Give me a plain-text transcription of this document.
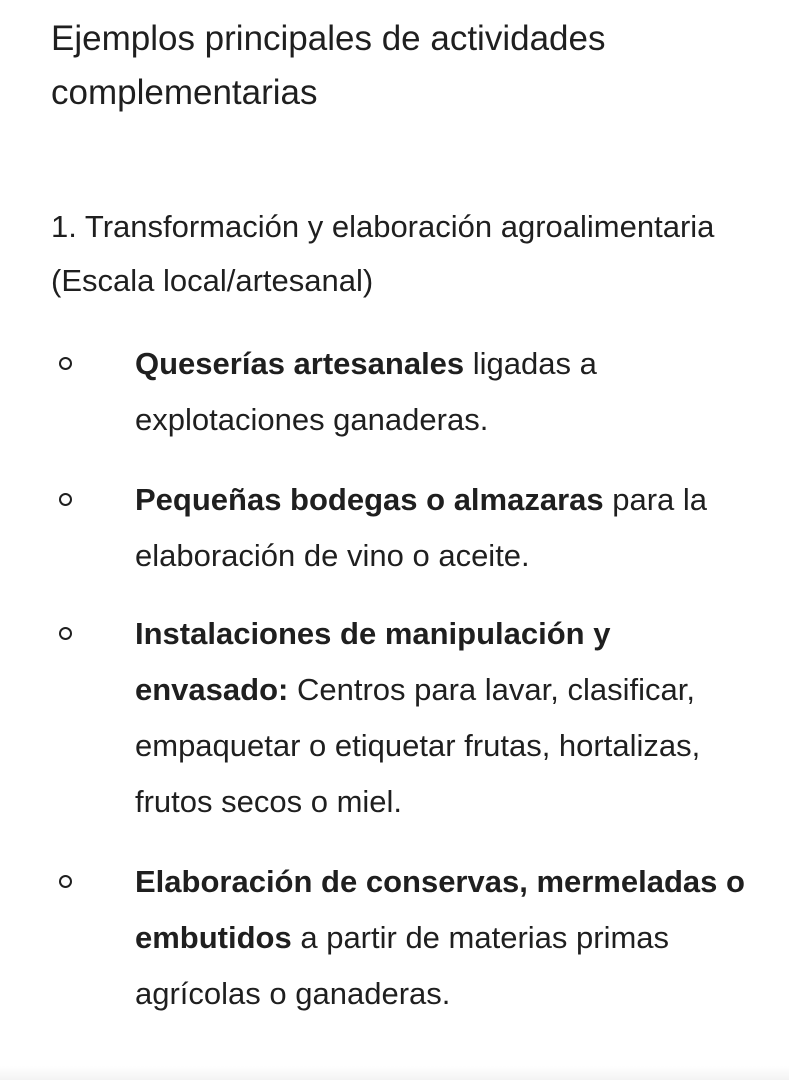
Ejemplos principales de actividades complementarias

1. Transformación y elaboración agroalimentaria (Escala local/artesanal)

Queserías artesanales ligadas a explotaciones ganaderas.

Pequeñas bodegas o almazaras para la elaboración de vino o aceite.

Instalaciones de manipulación y envasado: Centros para lavar, clasificar, empaquetar o etiquetar frutas, hortalizas, frutos secos o miel.

Elaboración de conservas, mermeladas o embutidos a partir de materias primas agrícolas o ganaderas.
